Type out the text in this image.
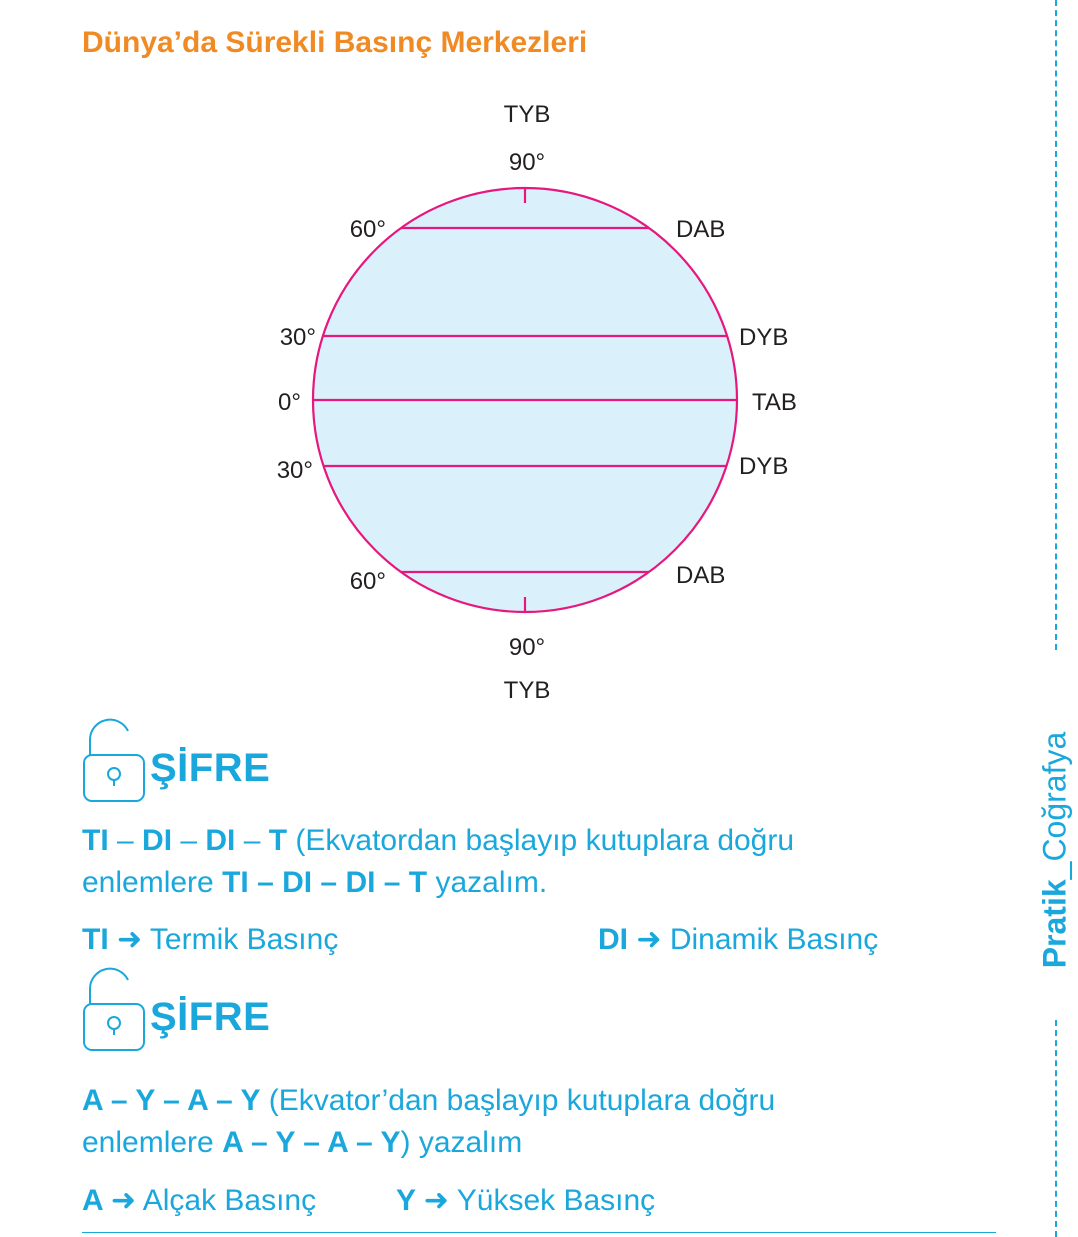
Dünya’da Sürekli Basınç Merkezleri
TYB
90°
60°	DAB
30°	DYB
0°	TAB
30°	DYB
60°	DAB
90°
TYB
ŞİFRE
TI – DI – DI – T (Ekvatordan başlayıp kutuplara doğru
enlemlere TI – DI – DI – T yazalım.
TI ➜ Termik Basınç	DI ➜ Dinamik Basınç
ŞİFRE
A – Y – A – Y (Ekvator’dan başlayıp kutuplara doğru
enlemlere A – Y – A – Y) yazalım
A ➜ Alçak Basınç	Y ➜ Yüksek Basınç
Pratik_Coğrafya
